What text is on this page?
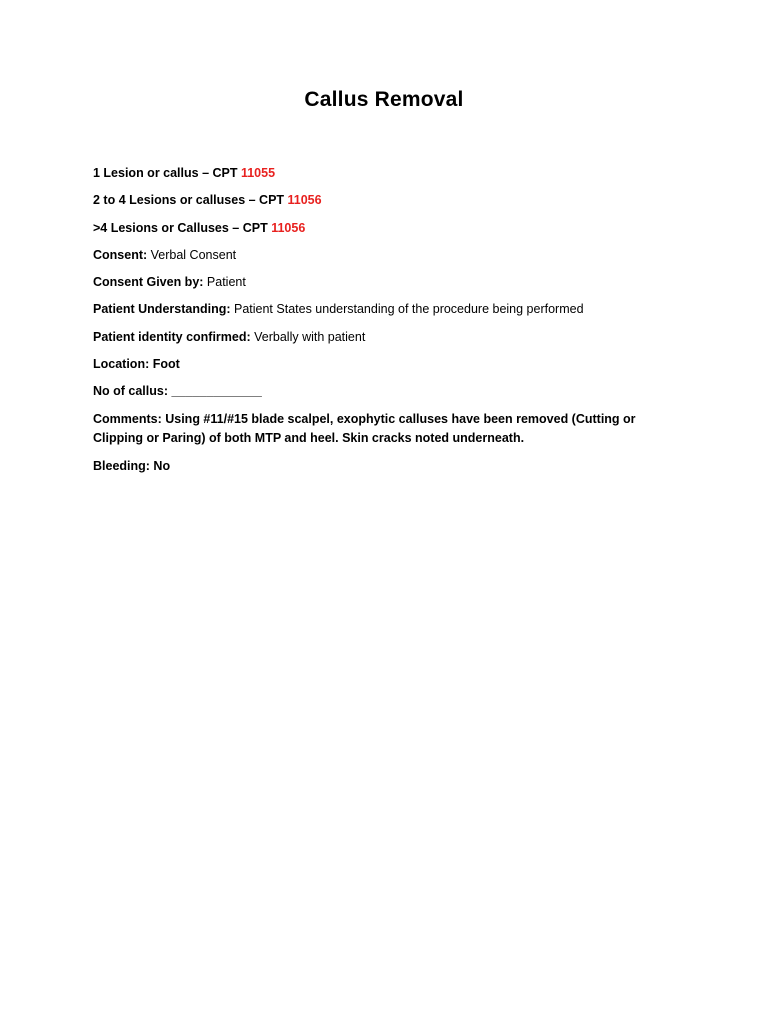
Callus Removal
1 Lesion or callus – CPT 11055
2 to 4 Lesions or calluses – CPT 11056
>4 Lesions or Calluses – CPT 11056
Consent: Verbal Consent
Consent Given by: Patient
Patient Understanding: Patient States understanding of the procedure being performed
Patient identity confirmed: Verbally with patient
Location: Foot
No of callus: _____________
Comments: Using #11/#15 blade scalpel, exophytic calluses have been removed (Cutting or Clipping or Paring) of both MTP and heel. Skin cracks noted underneath.
Bleeding: No
